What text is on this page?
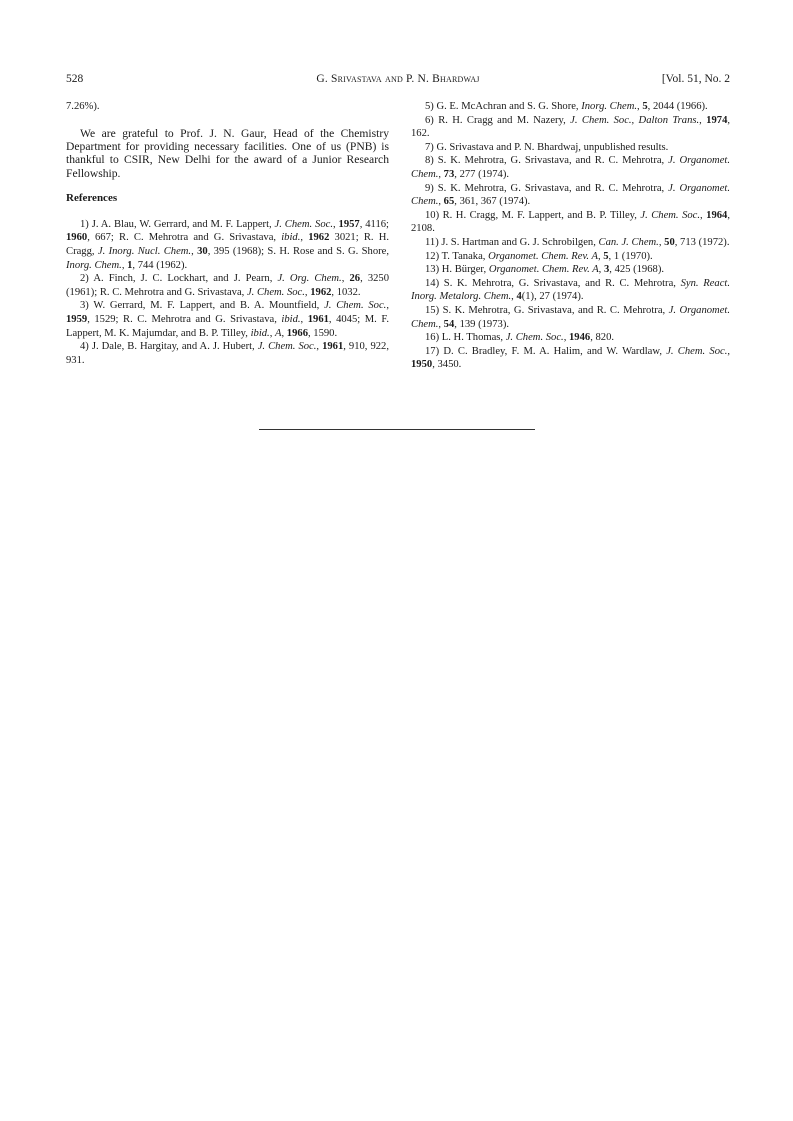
528	G. Srivastava and P. N. Bhardwaj	[Vol. 51, No. 2

7.26%).

We are grateful to Prof. J. N. Gaur, Head of the Chemistry Department for providing necessary facilities. One of us (PNB) is thankful to CSIR, New Delhi for the award of a Junior Research Fellowship.

References

1) J. A. Blau, W. Gerrard, and M. F. Lappert, J. Chem. Soc., 1957, 4116; 1960, 667; R. C. Mehrotra and G. Srivastava, ibid., 1962 3021; R. H. Cragg, J. Inorg. Nucl. Chem., 30, 395 (1968); S. H. Rose and S. G. Shore, Inorg. Chem., 1, 744 (1962).

2) A. Finch, J. C. Lockhart, and J. Pearn, J. Org. Chem., 26, 3250 (1961); R. C. Mehrotra and G. Srivastava, J. Chem. Soc., 1962, 1032.

3) W. Gerrard, M. F. Lappert, and B. A. Mountfield, J. Chem. Soc., 1959, 1529; R. C. Mehrotra and G. Srivastava, ibid., 1961, 4045; M. F. Lappert, M. K. Majumdar, and B. P. Tilley, ibid., A, 1966, 1590.

4) J. Dale, B. Hargitay, and A. J. Hubert, J. Chem. Soc., 1961, 910, 922, 931.

5) G. E. McAchran and S. G. Shore, Inorg. Chem., 5, 2044 (1966).

6) R. H. Cragg and M. Nazery, J. Chem. Soc., Dalton Trans., 1974, 162.

7) G. Srivastava and P. N. Bhardwaj, unpublished results.

8) S. K. Mehrotra, G. Srivastava, and R. C. Mehrotra, J. Organomet. Chem., 73, 277 (1974).

9) S. K. Mehrotra, G. Srivastava, and R. C. Mehrotra, J. Organomet. Chem., 65, 361, 367 (1974).

10) R. H. Cragg, M. F. Lappert, and B. P. Tilley, J. Chem. Soc., 1964, 2108.

11) J. S. Hartman and G. J. Schrobilgen, Can. J. Chem., 50, 713 (1972).

12) T. Tanaka, Organomet. Chem. Rev. A, 5, 1 (1970).

13) H. Bürger, Organomet. Chem. Rev. A, 3, 425 (1968).

14) S. K. Mehrotra, G. Srivastava, and R. C. Mehrotra, Syn. React. Inorg. Metalorg. Chem., 4(1), 27 (1974).

15) S. K. Mehrotra, G. Srivastava, and R. C. Mehrotra, J. Organomet. Chem., 54, 139 (1973).

16) L. H. Thomas, J. Chem. Soc., 1946, 820.

17) D. C. Bradley, F. M. A. Halim, and W. Wardlaw, J. Chem. Soc., 1950, 3450.
